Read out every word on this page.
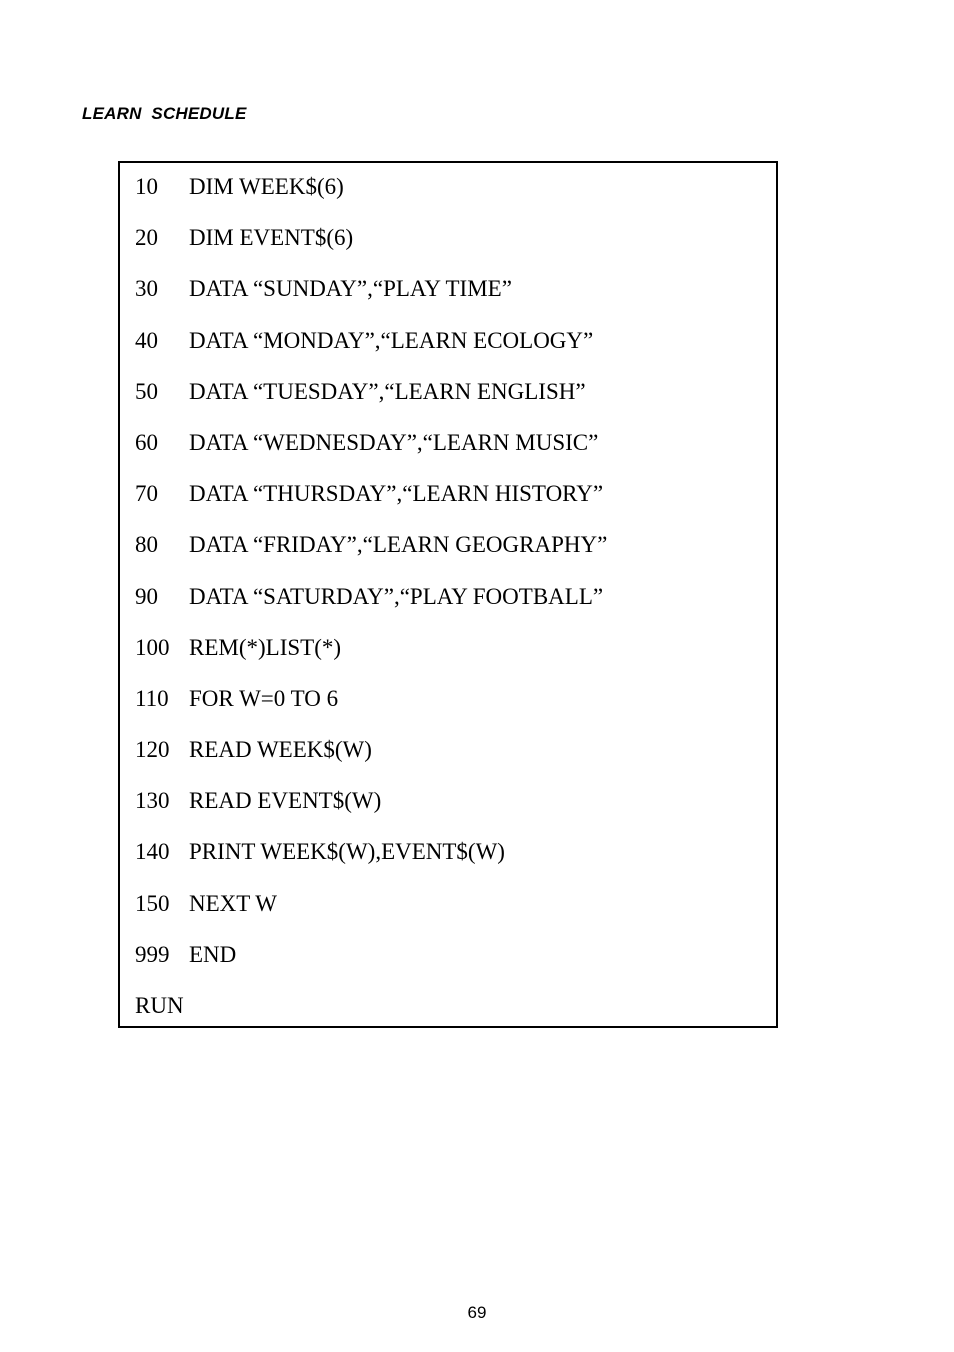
LEARN  SCHEDULE
10 DIM WEEK$(6)
20 DIM EVENT$(6)
30 DATA “SUNDAY”,“PLAY TIME”
40 DATA “MONDAY”,“LEARN ECOLOGY”
50 DATA “TUESDAY”,“LEARN ENGLISH”
60 DATA “WEDNESDAY”,“LEARN MUSIC”
70 DATA “THURSDAY”,“LEARN HISTORY”
80 DATA “FRIDAY”,“LEARN GEOGRAPHY”
90 DATA “SATURDAY”,“PLAY FOOTBALL”
100 REM(*)LIST(*)
110 FOR W=0 TO 6
120 READ WEEK$(W)
130 READ EVENT$(W)
140 PRINT WEEK$(W),EVENT$(W)
150 NEXT W
999 END
RUN
69
